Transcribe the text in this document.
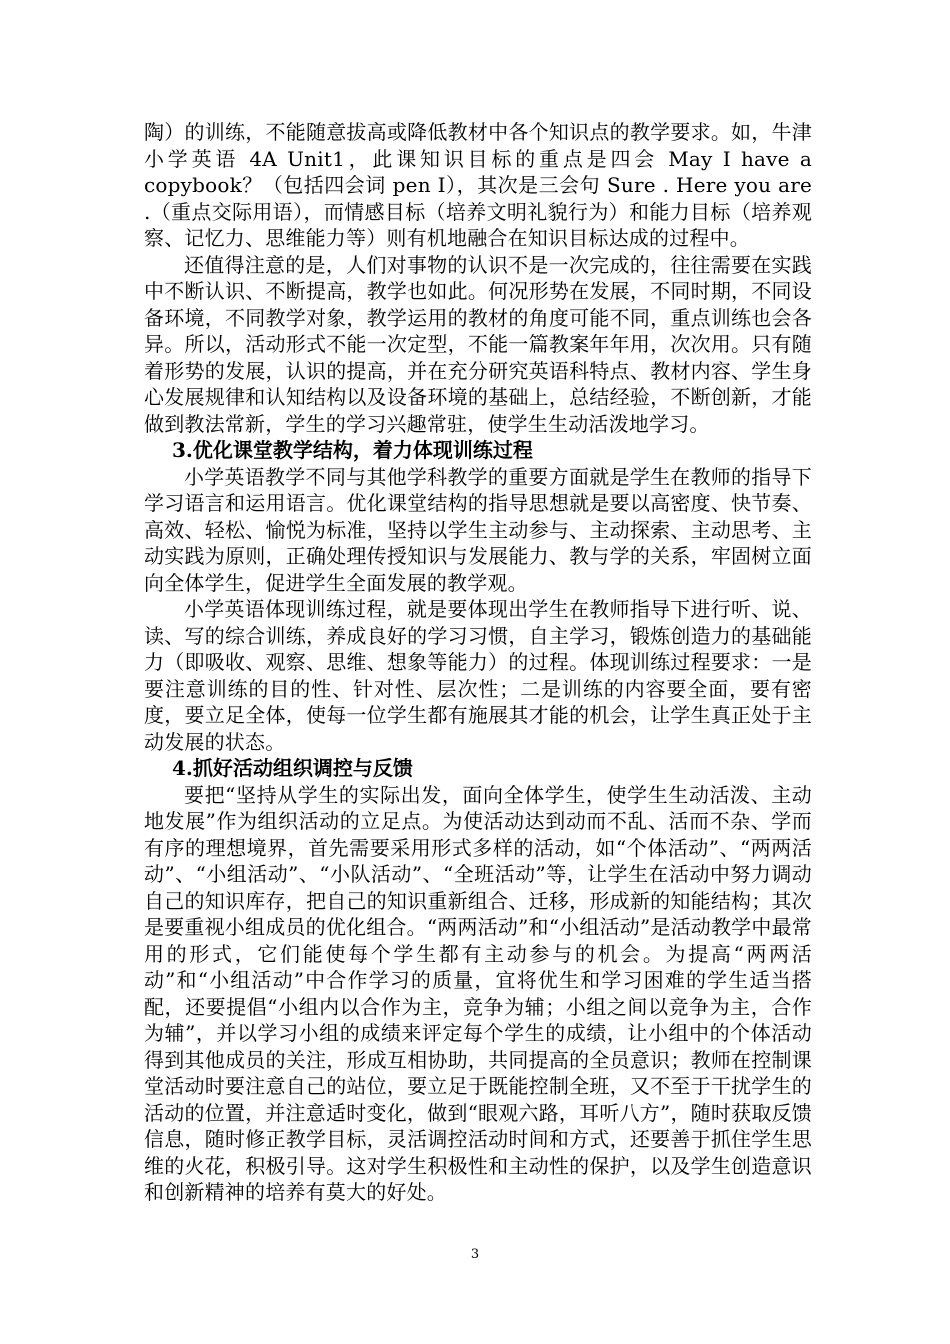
陶）的训练，不能随意拔高或降低教材中各个知识点的教学要求。如，牛津小学英语 4A Unit1，此课知识目标的重点是四会 May I have a copybook？（包括四会词 pen I），其次是三会句 Sure . Here you are .（重点交际用语），而情感目标（培养文明礼貌行为）和能力目标（培养观察、记忆力、思维能力等）则有机地融合在知识目标达成的过程中。

还值得注意的是，人们对事物的认识不是一次完成的，往往需要在实践中不断认识、不断提高，教学也如此。何况形势在发展，不同时期，不同设备环境，不同教学对象，教学运用的教材的角度可能不同，重点训练也会各异。所以，活动形式不能一次定型，不能一篇教案年年用，次次用。只有随着形势的发展，认识的提高，并在充分研究英语科特点、教材内容、学生身心发展规律和认知结构以及设备环境的基础上，总结经验，不断创新，才能做到教法常新，学生的学习兴趣常驻，使学生生动活泼地学习。

3.优化课堂教学结构，着力体现训练过程

小学英语教学不同与其他学科教学的重要方面就是学生在教师的指导下学习语言和运用语言。优化课堂结构的指导思想就是要以高密度、快节奏、高效、轻松、愉悦为标准，坚持以学生主动参与、主动探索、主动思考、主动实践为原则，正确处理传授知识与发展能力、教与学的关系，牢固树立面向全体学生，促进学生全面发展的教学观。

小学英语体现训练过程，就是要体现出学生在教师指导下进行听、说、读、写的综合训练，养成良好的学习习惯，自主学习，锻炼创造力的基础能力（即吸收、观察、思维、想象等能力）的过程。体现训练过程要求：一是要注意训练的目的性、针对性、层次性；二是训练的内容要全面，要有密度，要立足全体，使每一位学生都有施展其才能的机会，让学生真正处于主动发展的状态。

4.抓好活动组织调控与反馈

要把“坚持从学生的实际出发，面向全体学生，使学生生动活泼、主动地发展”作为组织活动的立足点。为使活动达到动而不乱、活而不杂、学而有序的理想境界，首先需要采用形式多样的活动，如“个体活动”、“两两活动”、“小组活动”、“小队活动”、“全班活动”等，让学生在活动中努力调动自己的知识库存，把自己的知识重新组合、迁移，形成新的知能结构；其次是要重视小组成员的优化组合。“两两活动”和“小组活动”是活动教学中最常用的形式，它们能使每个学生都有主动参与的机会。为提高“两两活动”和“小组活动”中合作学习的质量，宜将优生和学习困难的学生适当搭配，还要提倡“小组内以合作为主，竞争为辅；小组之间以竞争为主，合作为辅”，并以学习小组的成绩来评定每个学生的成绩，让小组中的个体活动得到其他成员的关注，形成互相协助，共同提高的全员意识；教师在控制课堂活动时要注意自己的站位，要立足于既能控制全班，又不至于干扰学生的活动的位置，并注意适时变化，做到“眼观六路，耳听八方”，随时获取反馈信息，随时修正教学目标，灵活调控活动时间和方式，还要善于抓住学生思维的火花，积极引导。这对学生积极性和主动性的保护，以及学生创造意识和创新精神的培养有莫大的好处。

3
